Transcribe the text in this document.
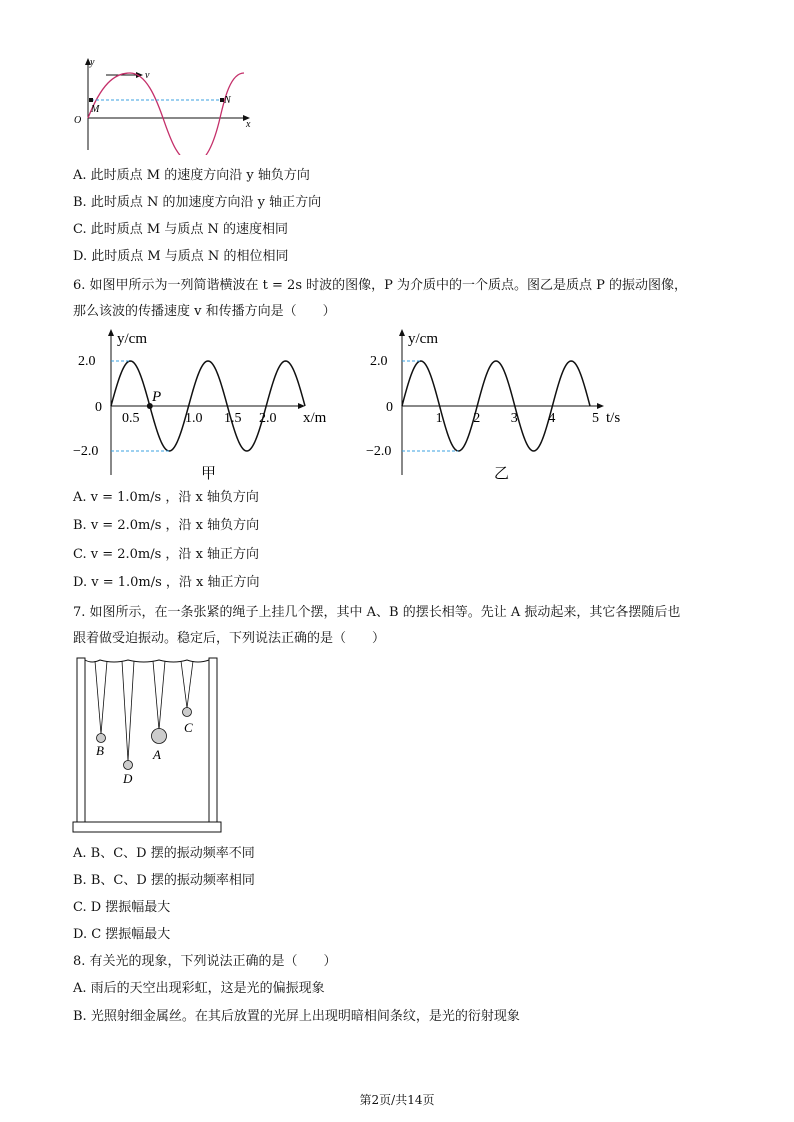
y
x
O
v
M
N
A. 此时质点 M 的速度方向沿 y 轴负方向
B. 此时质点 N 的加速度方向沿 y 轴正方向
C. 此时质点 M 与质点 N 的速度相同
D. 此时质点 M 与质点 N 的相位相同
6. 如图甲所示为一列简谐横波在 t = 2s 时波的图像，P 为介质中的一个质点。图乙是质点 P 的振动图像，
那么该波的传播速度 v 和传播方向是（　　）
y/cm
x/m
2.0
0
−2.0
0.5	1.0 1.5 2.0
P
甲
y/cm
t/s
2.0
0
−2.0
1 2 3 4	5
乙
A. v = 1.0m/s ，沿 x 轴负方向
B. v = 2.0m/s ，沿 x 轴负方向
C. v = 2.0m/s ，沿 x 轴正方向
D. v = 1.0m/s ，沿 x 轴正方向
7. 如图所示，在一条张紧的绳子上挂几个摆，其中 A、B 的摆长相等。先让 A 振动起来，其它各摆随后也
跟着做受迫振动。稳定后，下列说法正确的是（　　）
B
D
A
C
A. B、C、D 摆的振动频率不同
B. B、C、D 摆的振动频率相同
C. D 摆振幅最大
D. C 摆振幅最大
8. 有关光的现象，下列说法正确的是（　　）
A. 雨后的天空出现彩虹，这是光的偏振现象
B. 光照射细金属丝。在其后放置的光屏上出现明暗相间条纹，是光的衍射现象
第2页/共14页
